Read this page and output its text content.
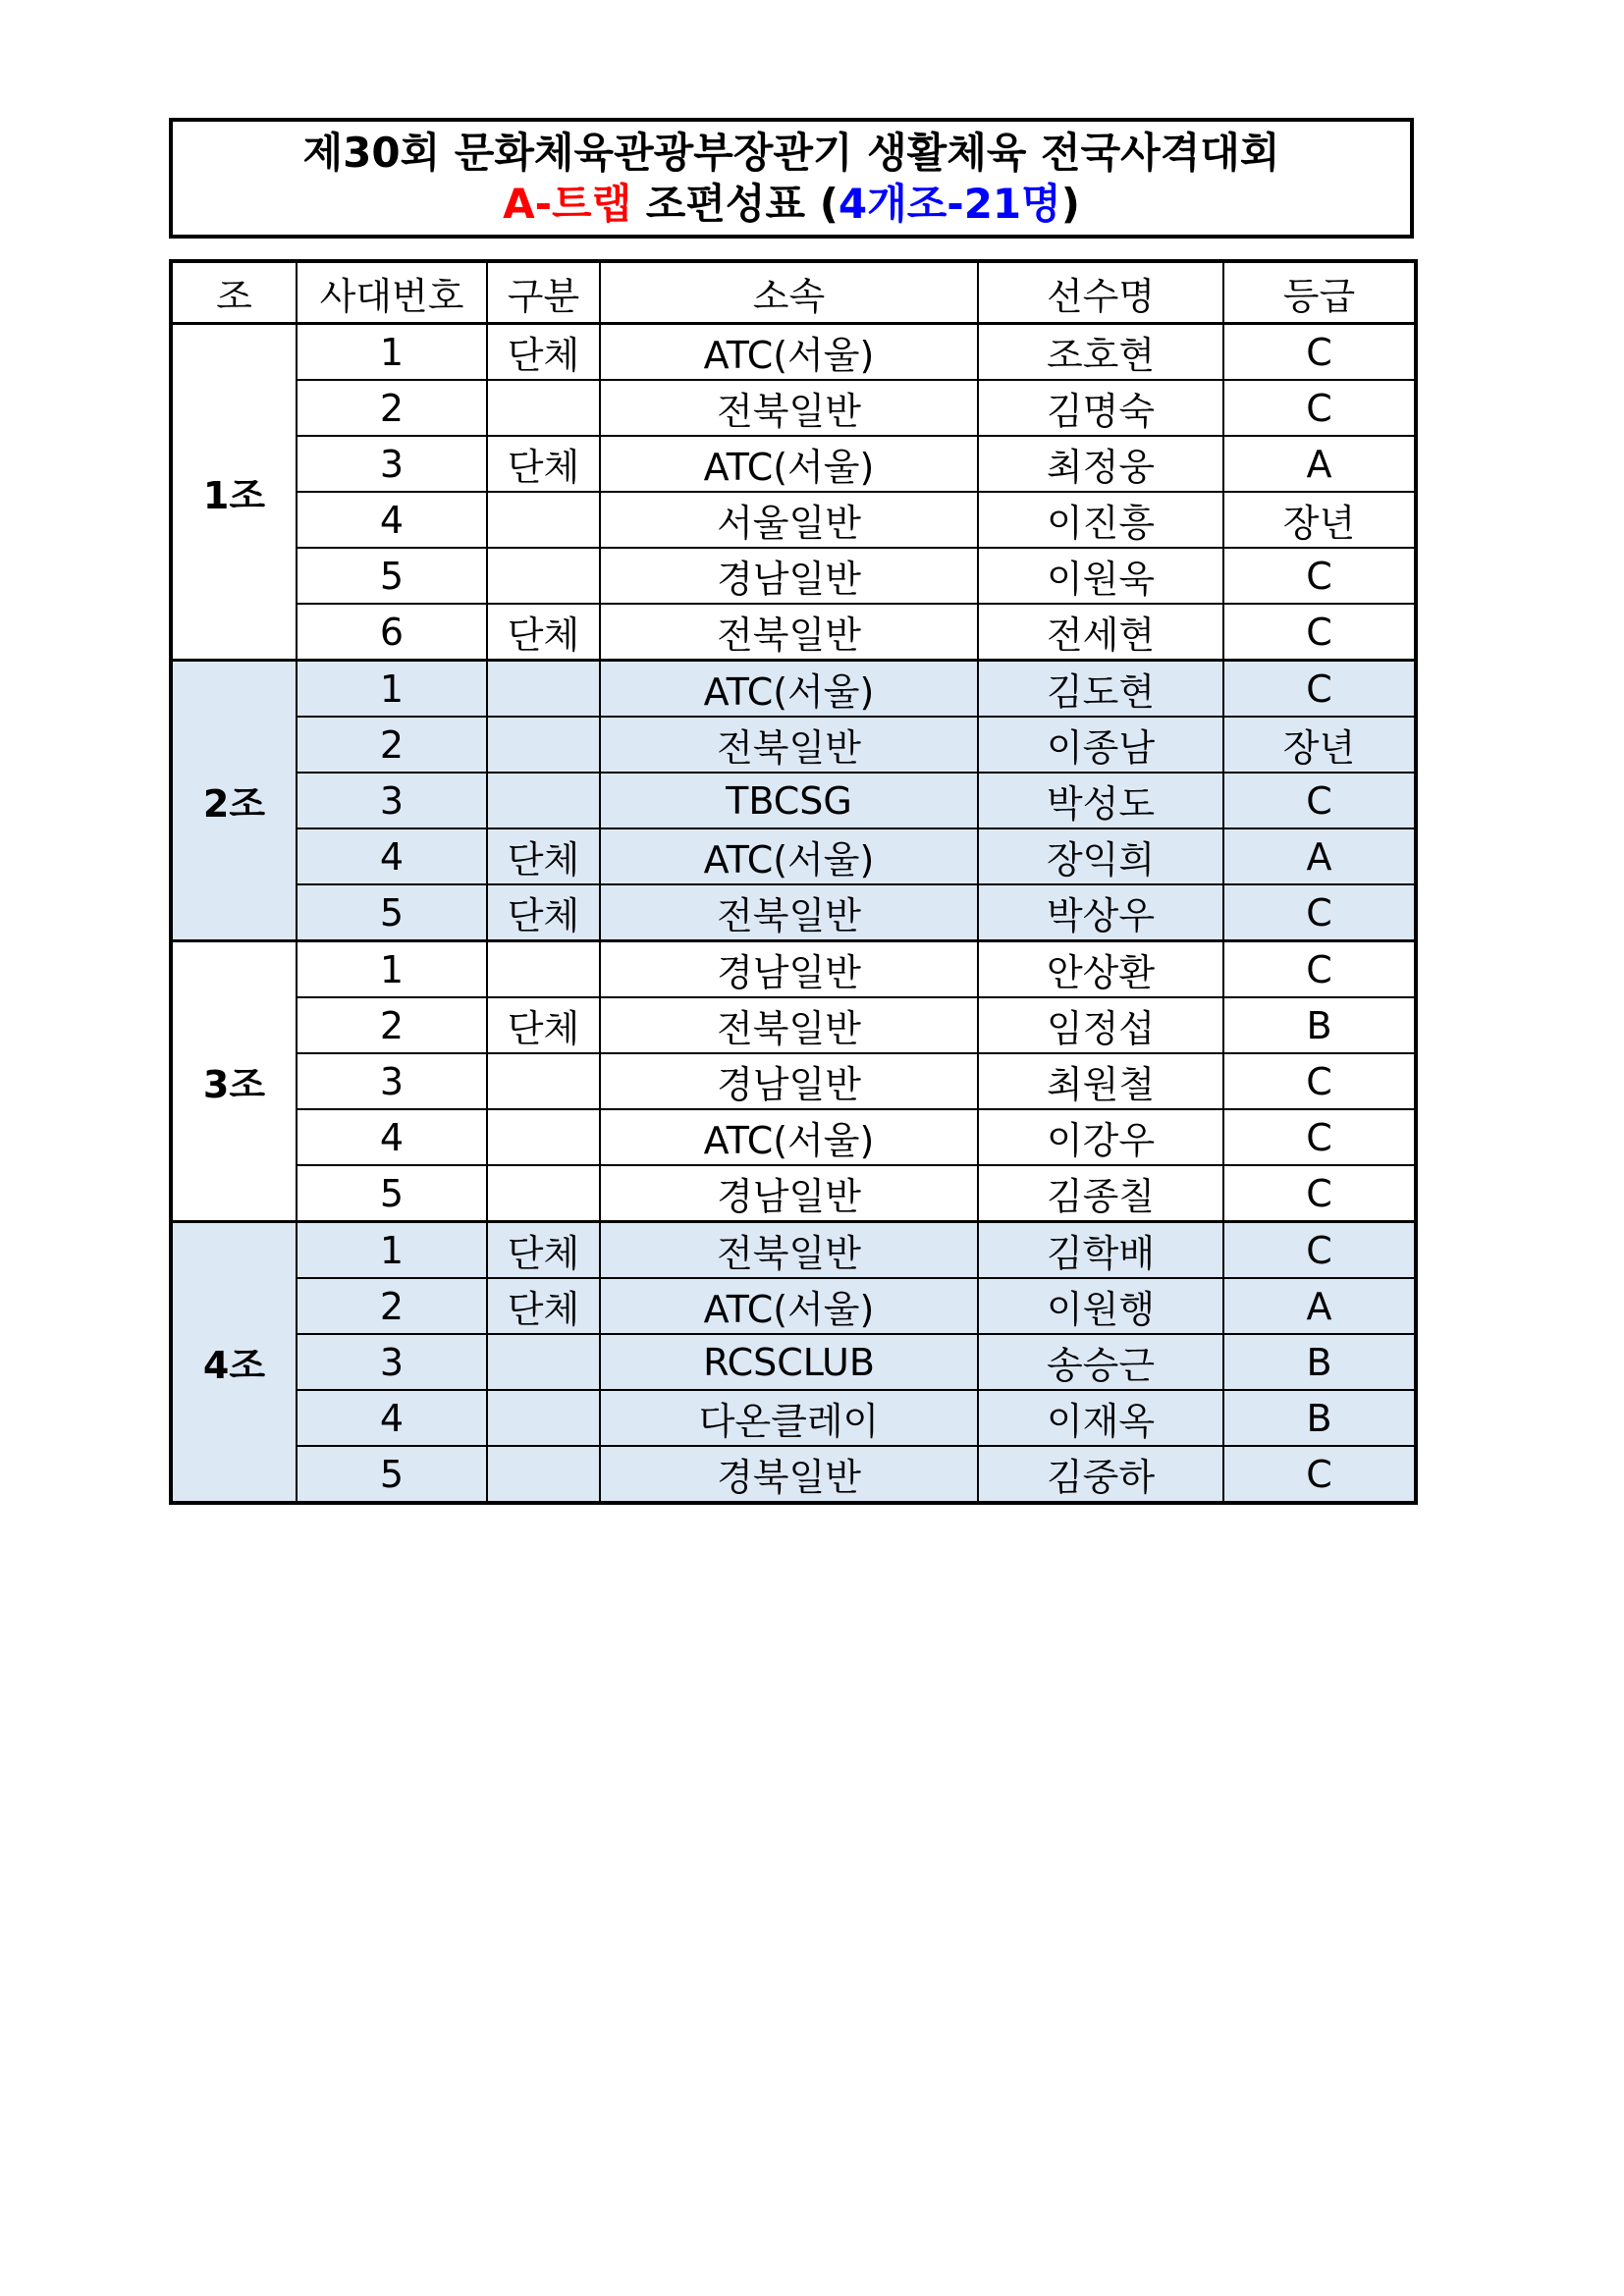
제30회 문화체육관광부장관기 생활체육 전국사격대회
A-트랩 조편성표 (4개조-21명)
조	사대번호	구분	소속	선수명	등급
1조	1	단체	ATC(서울)	조호현	C
	2		전북일반	김명숙	C
	3	단체	ATC(서울)	최정웅	A
	4		서울일반	이진흥	장년
	5		경남일반	이원욱	C
	6	단체	전북일반	전세현	C
2조	1		ATC(서울)	김도현	C
	2		전북일반	이종남	장년
	3		TBCSG	박성도	C
	4	단체	ATC(서울)	장익희	A
	5	단체	전북일반	박상우	C
3조	1		경남일반	안상환	C
	2	단체	전북일반	임정섭	B
	3		경남일반	최원철	C
	4		ATC(서울)	이강우	C
	5		경남일반	김종칠	C
4조	1	단체	전북일반	김학배	C
	2	단체	ATC(서울)	이원행	A
	3		RCSCLUB	송승근	B
	4		다온클레이	이재옥	B
	5		경북일반	김중하	C
